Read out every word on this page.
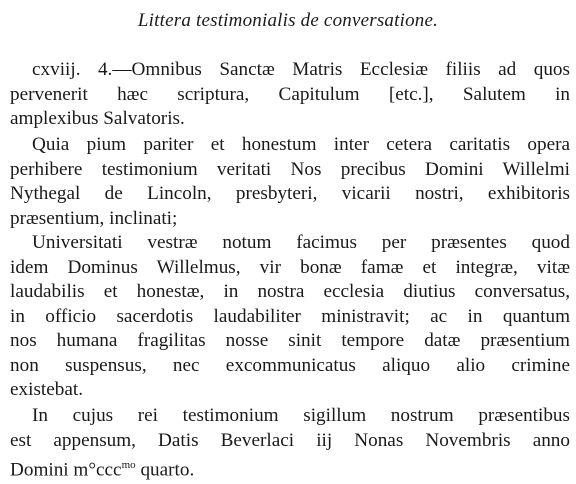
Littera testimonialis de conversatione.
cxviij. 4.—Omnibus Sanctæ Matris Ecclesiæ filiis ad quos
pervenerit hæc scriptura, Capitulum [etc.], Salutem in
amplexibus Salvatoris.
Quia pium pariter et honestum inter cetera caritatis opera
perhibere testimonium veritati Nos precibus Domini Willelmi
Nythegal de Lincoln, presbyteri, vicarii nostri, exhibitoris
præsentium, inclinati;
Universitati vestræ notum facimus per præsentes quod
idem Dominus Willelmus, vir bonæ famæ et integræ, vitæ
laudabilis et honestæ, in nostra ecclesia diutius conversatus,
in officio sacerdotis laudabiliter ministravit; ac in quantum
nos humana fragilitas nosse sinit tempore datæ præsentium
non suspensus, nec excommunicatus aliquo alio crimine
existebat.
In cujus rei testimonium sigillum nostrum præsentibus
est appensum, Datis Beverlaci iij Nonas Novembris anno
Domini m°ccc$^{mo}$ quarto.
